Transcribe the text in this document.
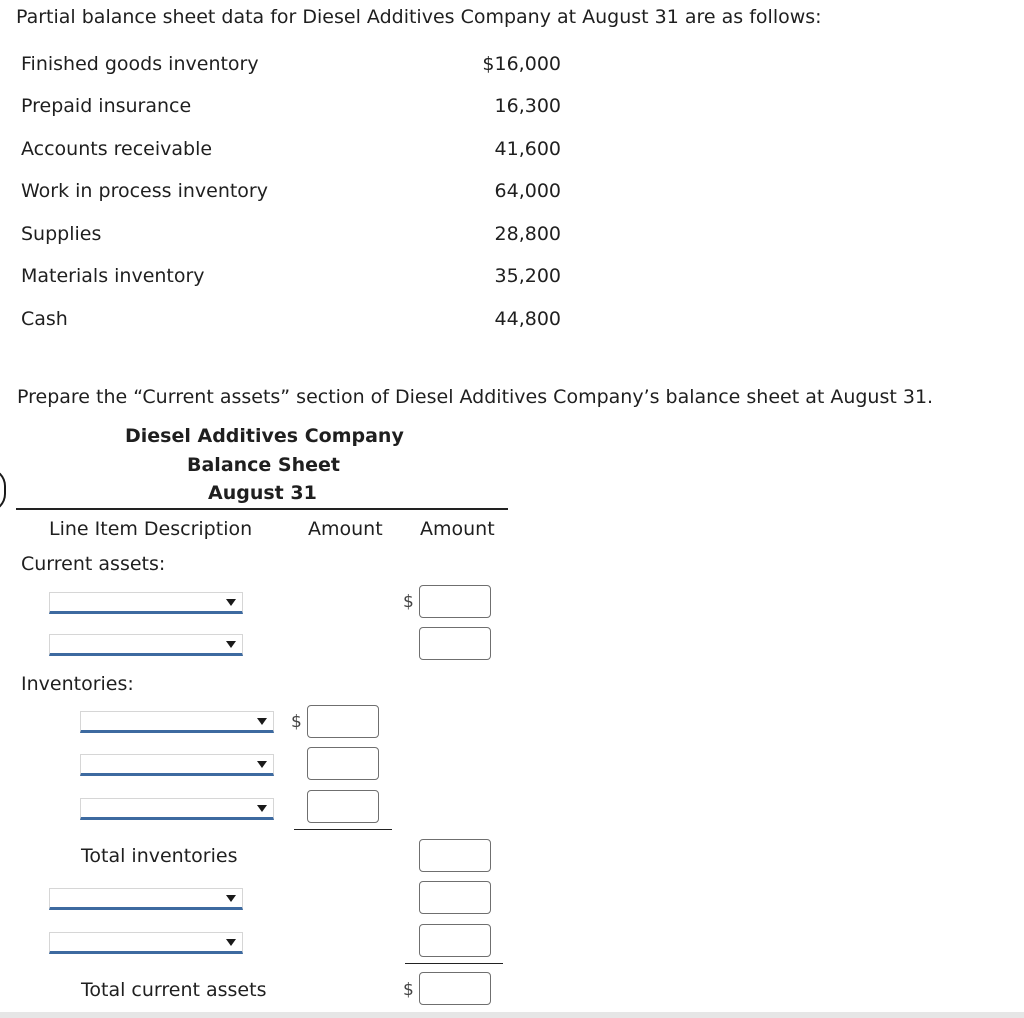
Partial balance sheet data for Diesel Additives Company at August 31 are as follows:
Finished goods inventory	$16,000
Prepaid insurance	16,300
Accounts receivable	41,600
Work in process inventory	64,000
Supplies	28,800
Materials inventory	35,200
Cash	44,800
Prepare the “Current assets” section of Diesel Additives Company’s balance sheet at August 31.
Diesel Additives Company
Balance Sheet
August 31
Line Item Description	Amount Amount
Current assets:
$
Inventories:
$
Total inventories
Total current assets	$
